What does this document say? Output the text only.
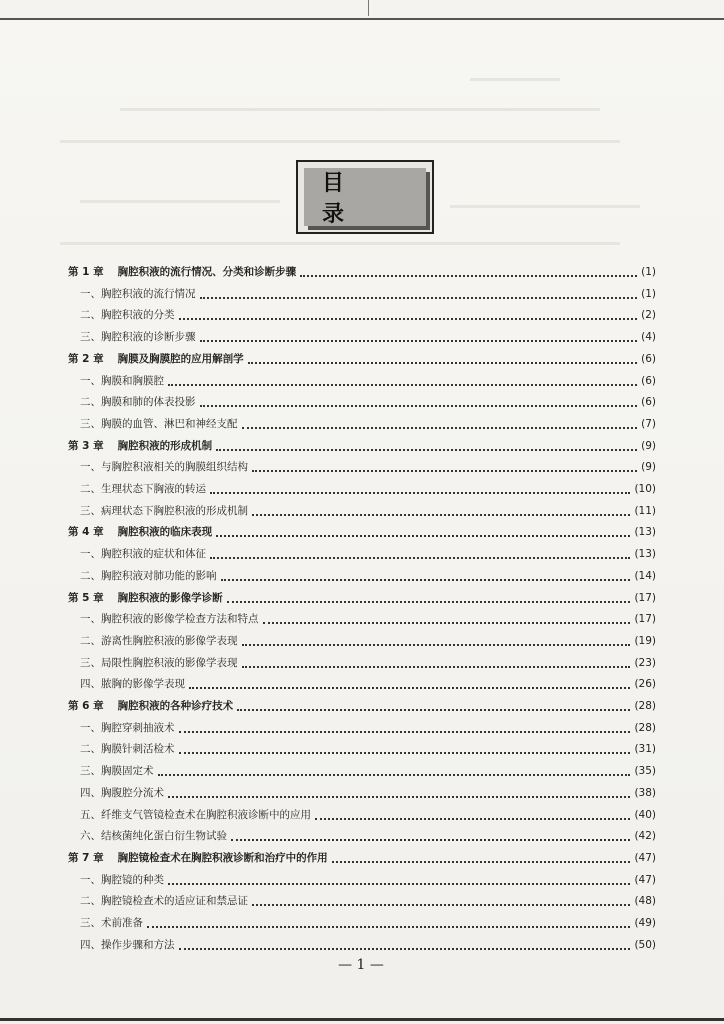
目 录
第 1 章 胸腔积液的流行情况、分类和诊断步骤	(1)
一、胸腔积液的流行情况	(1)
二、胸腔积液的分类	(2)
三、胸腔积液的诊断步骤	(4)
第 2 章 胸膜及胸膜腔的应用解剖学	(6)
一、胸膜和胸膜腔	(6)
二、胸膜和肺的体表投影	(6)
三、胸膜的血管、淋巴和神经支配	(7)
第 3 章 胸腔积液的形成机制	(9)
一、与胸腔积液相关的胸膜组织结构	(9)
二、生理状态下胸液的转运	(10)
三、病理状态下胸腔积液的形成机制	(11)
第 4 章 胸腔积液的临床表现	(13)
一、胸腔积液的症状和体征	(13)
二、胸腔积液对肺功能的影响	(14)
第 5 章 胸腔积液的影像学诊断	(17)
一、胸腔积液的影像学检查方法和特点	(17)
二、游离性胸腔积液的影像学表现	(19)
三、局限性胸腔积液的影像学表现	(23)
四、脓胸的影像学表现	(26)
第 6 章 胸腔积液的各种诊疗技术	(28)
一、胸腔穿刺抽液术	(28)
二、胸膜针刺活检术	(31)
三、胸膜固定术	(35)
四、胸腹腔分流术	(38)
五、纤维支气管镜检查术在胸腔积液诊断中的应用	(40)
六、结核菌纯化蛋白衍生物试验	(42)
第 7 章 胸腔镜检查术在胸腔积液诊断和治疗中的作用	(47)
一、胸腔镜的种类	(47)
二、胸腔镜检查术的适应证和禁忌证	(48)
三、术前准备	(49)
四、操作步骤和方法	(50)
— 1 —
